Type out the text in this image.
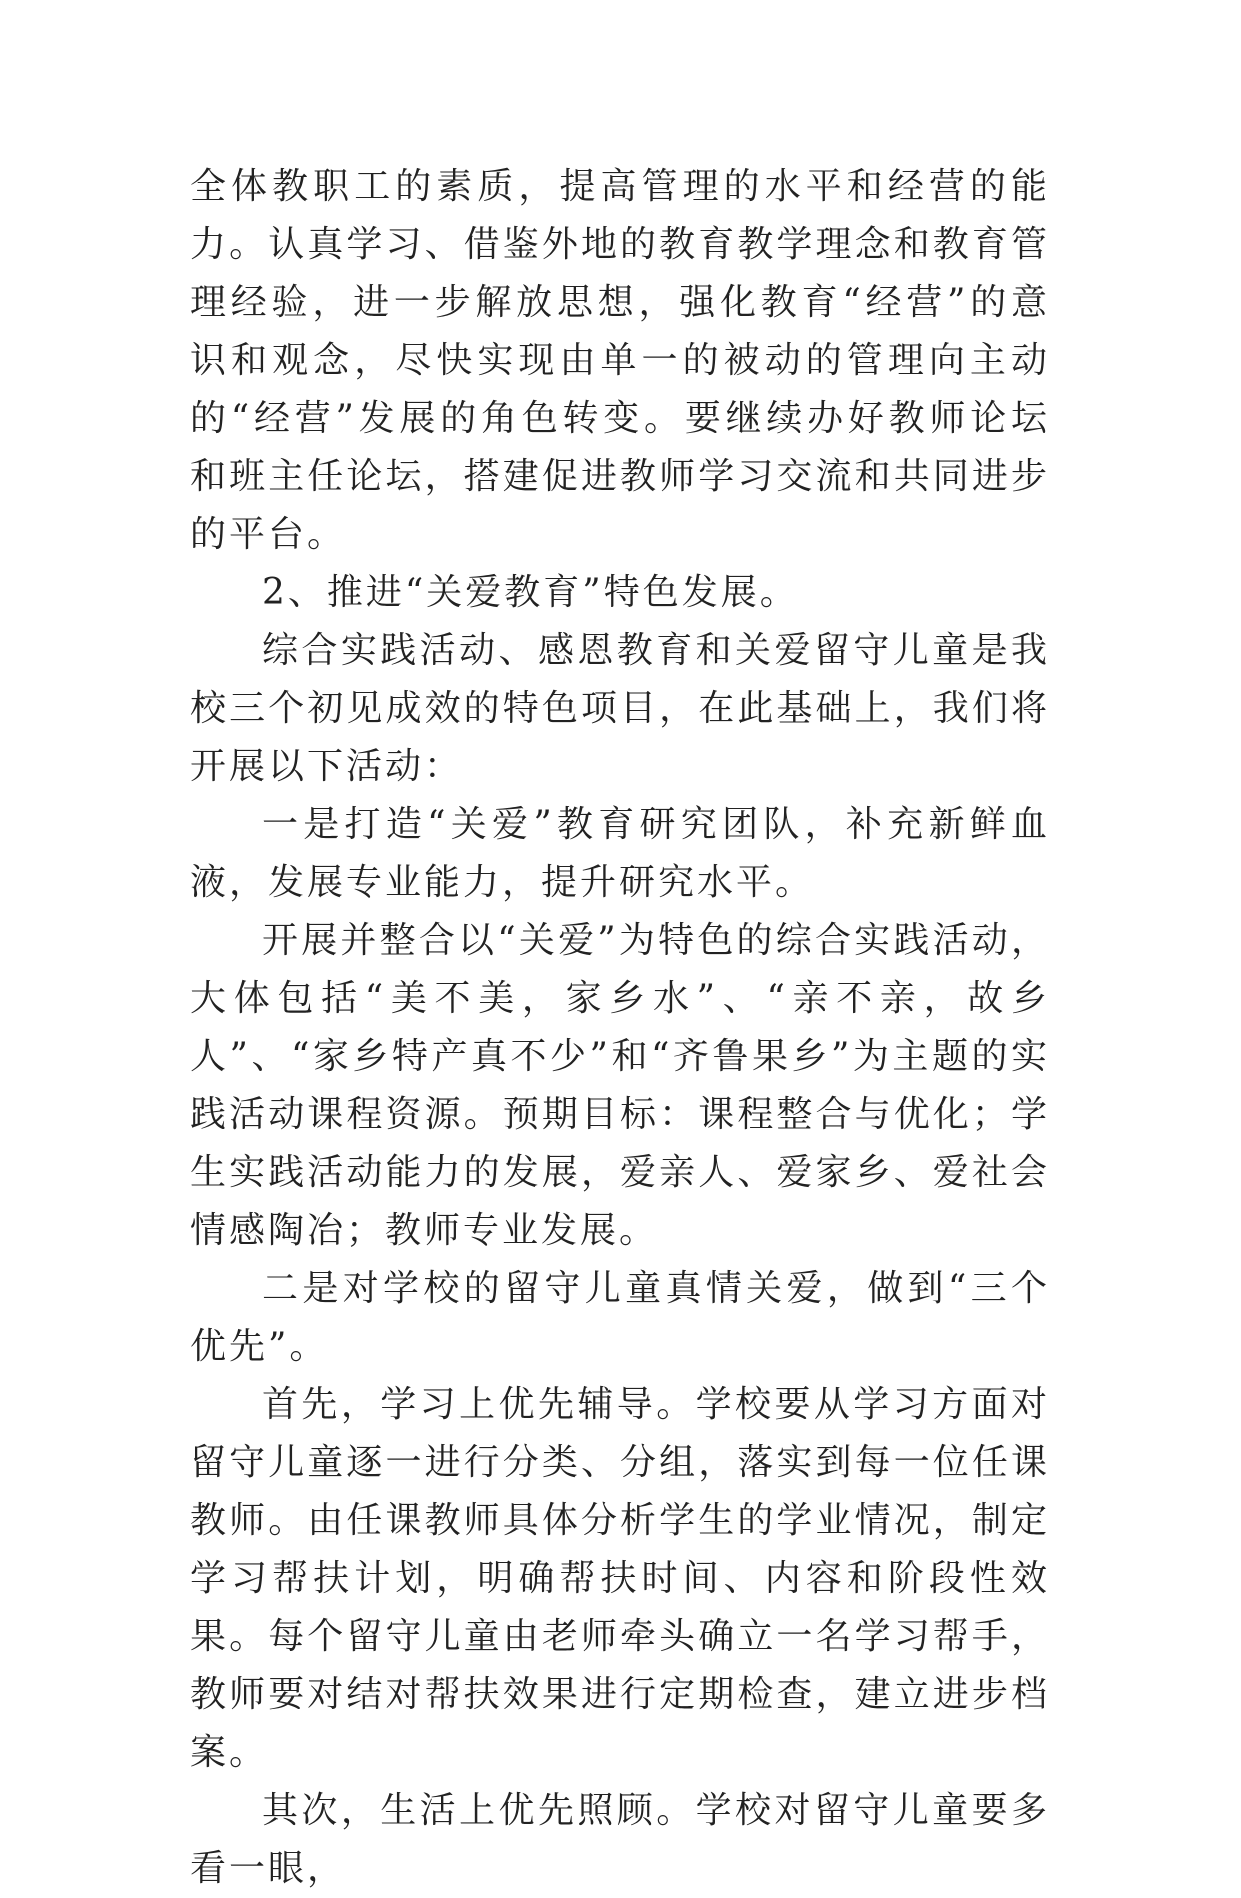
全体教职工的素质，提高管理的水平和经营的能力。认真学习、借鉴外地的教育教学理念和教育管理经验，进一步解放思想，强化教育“经营”的意识和观念，尽快实现由单一的被动的管理向主动的“经营”发展的角色转变。要继续办好教师论坛和班主任论坛，搭建促进教师学习交流和共同进步的平台。

2、推进“关爱教育”特色发展。

综合实践活动、感恩教育和关爱留守儿童是我校三个初见成效的特色项目，在此基础上，我们将开展以下活动：

一是打造“关爱”教育研究团队，补充新鲜血液，发展专业能力，提升研究水平。

开展并整合以“关爱”为特色的综合实践活动，大体包括“美不美，家乡水”、“亲不亲，故乡人”、“家乡特产真不少”和“齐鲁果乡”为主题的实践活动课程资源。预期目标：课程整合与优化；学生实践活动能力的发展，爱亲人、爱家乡、爱社会情感陶冶；教师专业发展。

二是对学校的留守儿童真情关爱，做到“三个优先”。

首先，学习上优先辅导。学校要从学习方面对留守儿童逐一进行分类、分组，落实到每一位任课教师。由任课教师具体分析学生的学业情况，制定学习帮扶计划，明确帮扶时间、内容和阶段性效果。每个留守儿童由老师牵头确立一名学习帮手，教师要对结对帮扶效果进行定期检查，建立进步档案。

其次，生活上优先照顾。学校对留守儿童要多看一眼，
